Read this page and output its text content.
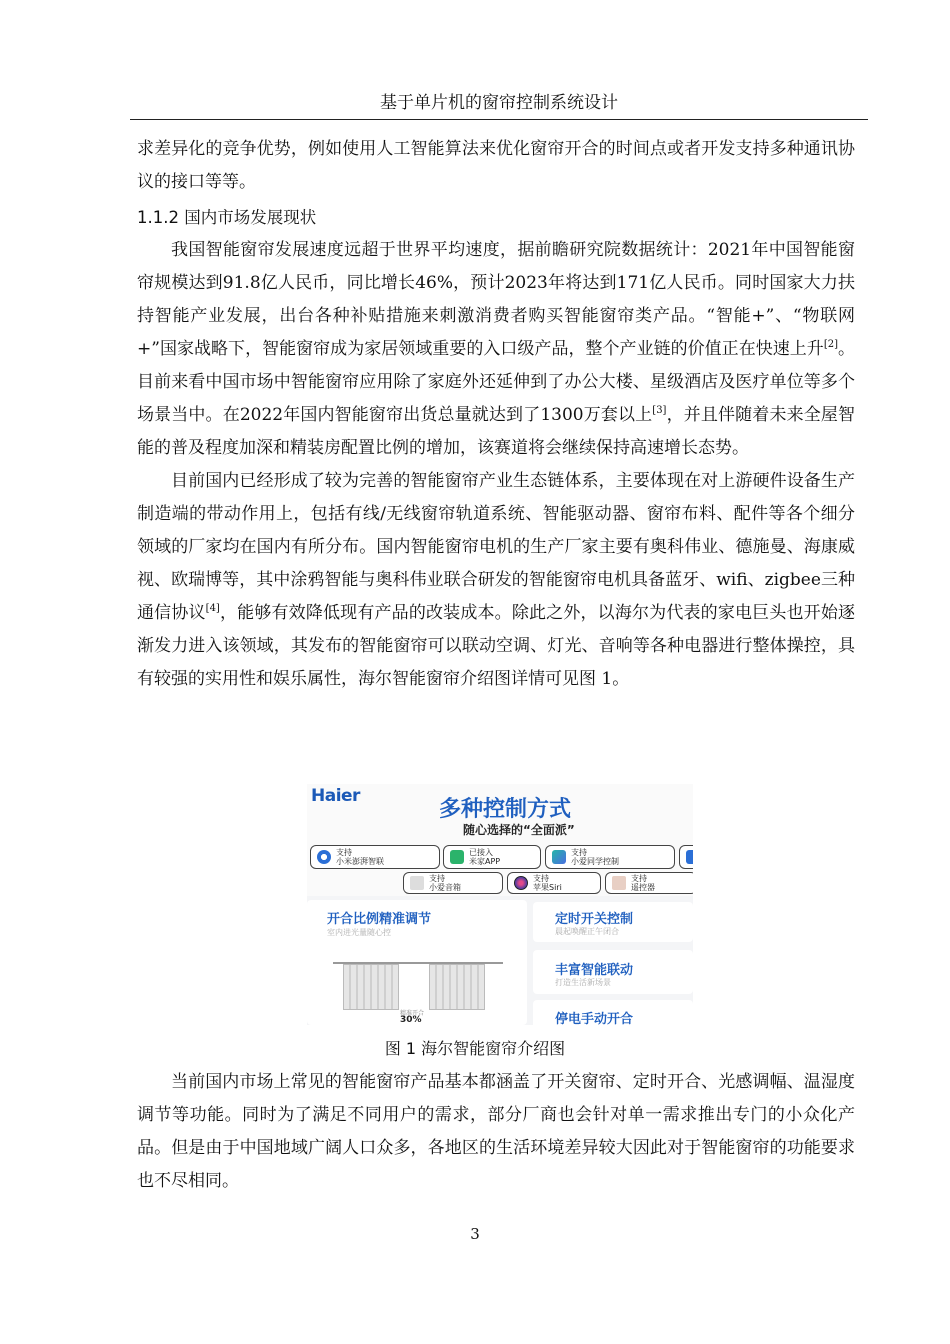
基于单片机的窗帘控制系统设计

求差异化的竞争优势，例如使用人工智能算法来优化窗帘开合的时间点或者开发支持多种通讯协议的接口等等。

1.1.2 国内市场发展现状

我国智能窗帘发展速度远超于世界平均速度，据前瞻研究院数据统计：2021年中国智能窗帘规模达到91.8亿人民币，同比增长46%，预计2023年将达到171亿人民币。同时国家大力扶持智能产业发展，出台各种补贴措施来刺激消费者购买智能窗帘类产品。“智能+”、“物联网+”国家战略下，智能窗帘成为家居领域重要的入口级产品，整个产业链的价值正在快速上升[2]。目前来看中国市场中智能窗帘应用除了家庭外还延伸到了办公大楼、星级酒店及医疗单位等多个场景当中。在2022年国内智能窗帘出货总量就达到了1300万套以上[3]，并且伴随着未来全屋智能的普及程度加深和精装房配置比例的增加，该赛道将会继续保持高速增长态势。

目前国内已经形成了较为完善的智能窗帘产业生态链体系，主要体现在对上游硬件设备生产制造端的带动作用上，包括有线/无线窗帘轨道系统、智能驱动器、窗帘布料、配件等各个细分领域的厂家均在国内有所分布。国内智能窗帘电机的生产厂家主要有奥科伟业、德施曼、海康威视、欧瑞博等，其中涂鸦智能与奥科伟业联合研发的智能窗帘电机具备蓝牙、wifi、zigbee三种通信协议[4]，能够有效降低现有产品的改装成本。除此之外，以海尔为代表的家电巨头也开始逐渐发力进入该领域，其发布的智能窗帘可以联动空调、灯光、音响等各种电器进行整体操控，具有较强的实用性和娱乐属性，海尔智能窗帘介绍图详情可见图 1。

Haier
多种控制方式
随心选择的“全面派”
支持
小米澎湃智联
已接入
米家APP
支持
小爱同学控制
支持
小爱音箱
支持
苹果Siri
支持
遥控器
开合比例精准调节
室内进光量随心控
精准开合
30%
定时开关控制
晨起唤醒正午闭合
丰富智能联动
打造生活新场景
停电手动开合
图 1 海尔智能窗帘介绍图

当前国内市场上常见的智能窗帘产品基本都涵盖了开关窗帘、定时开合、光感调幅、温湿度调节等功能。同时为了满足不同用户的需求，部分厂商也会针对单一需求推出专门的小众化产品。但是由于中国地域广阔人口众多，各地区的生活环境差异较大因此对于智能窗帘的功能要求也不尽相同。

3
